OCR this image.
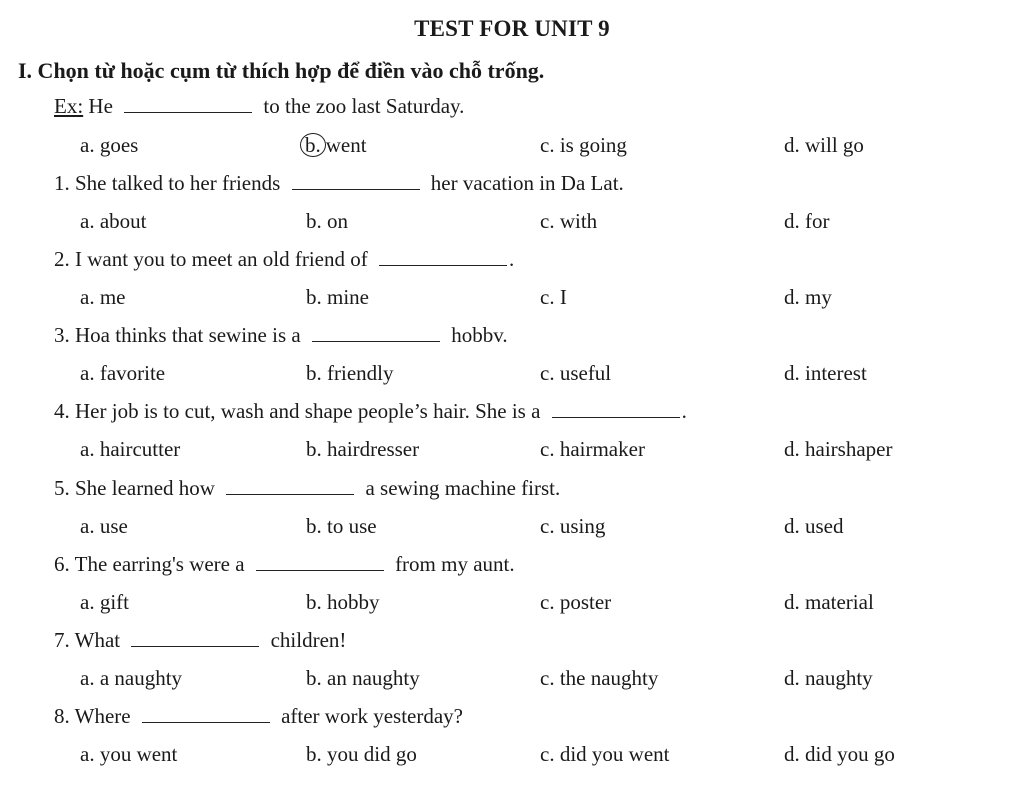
TEST FOR UNIT 9
I. Chọn từ hoặc cụm từ thích hợp để điền vào chỗ trống.
Ex: He	to the zoo last Saturday.
a. goes	b. went	c. is going	d. will go
1. She talked to her friends	her vacation in Da Lat.
a. about	b. on	c. with	d. for
2. I want you to meet an old friend of	.
a. me	b. mine	c. I	d. my
3. Hoa thinks that sewine is a	hobbv.
a. favorite	b. friendly	c. useful	d. interest
4. Her job is to cut, wash and shape people’s hair. She is a	.
a. haircutter	b. hairdresser	c. hairmaker	d. hairshaper
5. She learned how	a sewing machine first.
a. use	b. to use	c. using	d. used
6. The earring's were a	from my aunt.
a. gift	b. hobby	c. poster	d. material
7. What	children!
a. a naughty	b. an naughty	c. the naughty	d. naughty
8. Where	after work yesterday?
a. you went	b. you did go	c. did you went	d. did you go
